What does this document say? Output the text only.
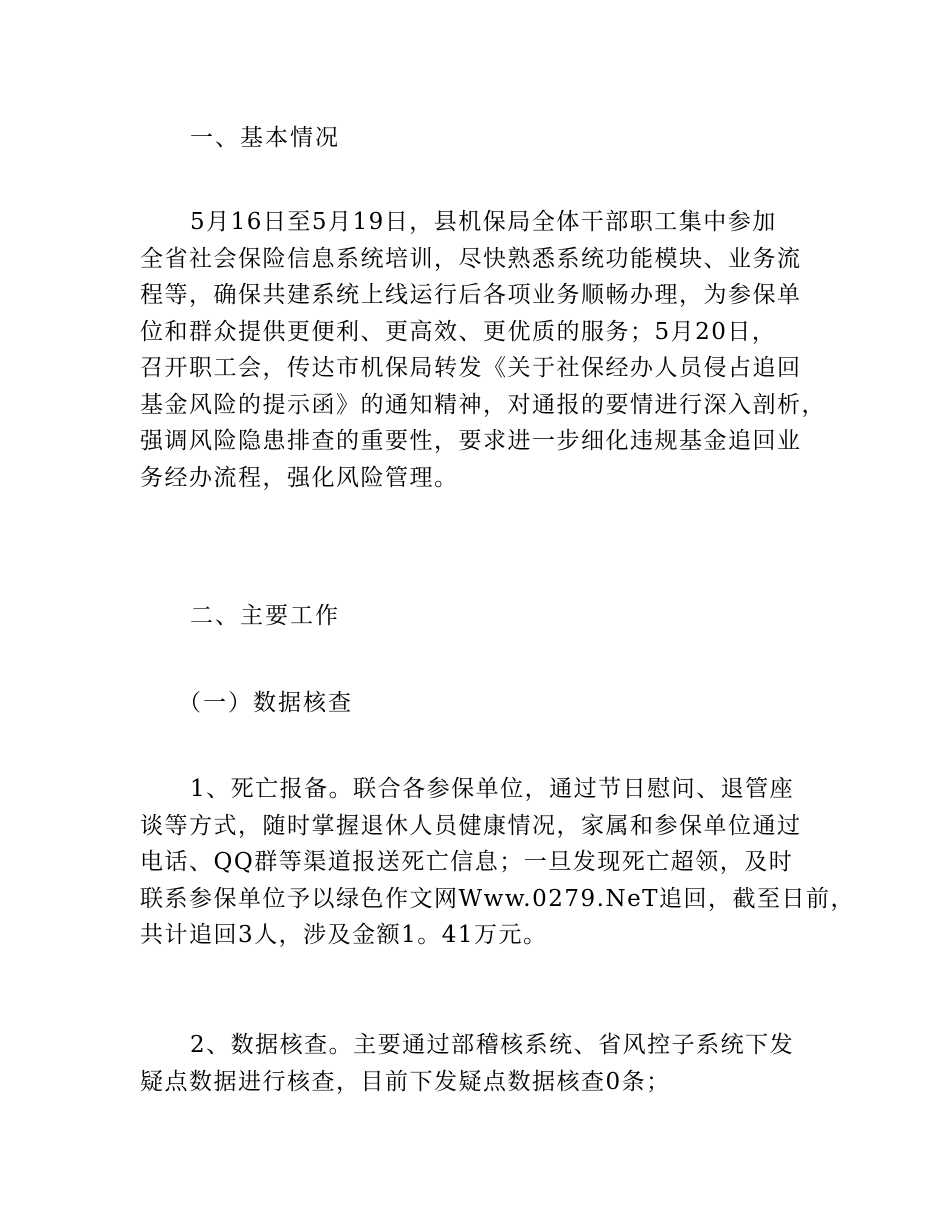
一、基本情况
5月16日至5月19日，县机保局全体干部职工集中参加
全省社会保险信息系统培训，尽快熟悉系统功能模块、业务流
程等，确保共建系统上线运行后各项业务顺畅办理，为参保单
位和群众提供更便利、更高效、更优质的服务；5月20日，
召开职工会，传达市机保局转发《关于社保经办人员侵占追回
基金风险的提示函》的通知精神，对通报的要情进行深入剖析，
强调风险隐患排查的重要性，要求进一步细化违规基金追回业
务经办流程，强化风险管理。
二、主要工作
（一）数据核查
1、死亡报备。联合各参保单位，通过节日慰问、退管座
谈等方式，随时掌握退休人员健康情况，家属和参保单位通过
电话、QQ群等渠道报送死亡信息；一旦发现死亡超领，及时
联系参保单位予以绿色作文网Www.0279.NeT追回，截至日前，
共计追回3人，涉及金额1。41万元。
2、数据核查。主要通过部稽核系统、省风控子系统下发
疑点数据进行核查，目前下发疑点数据核查0条；
